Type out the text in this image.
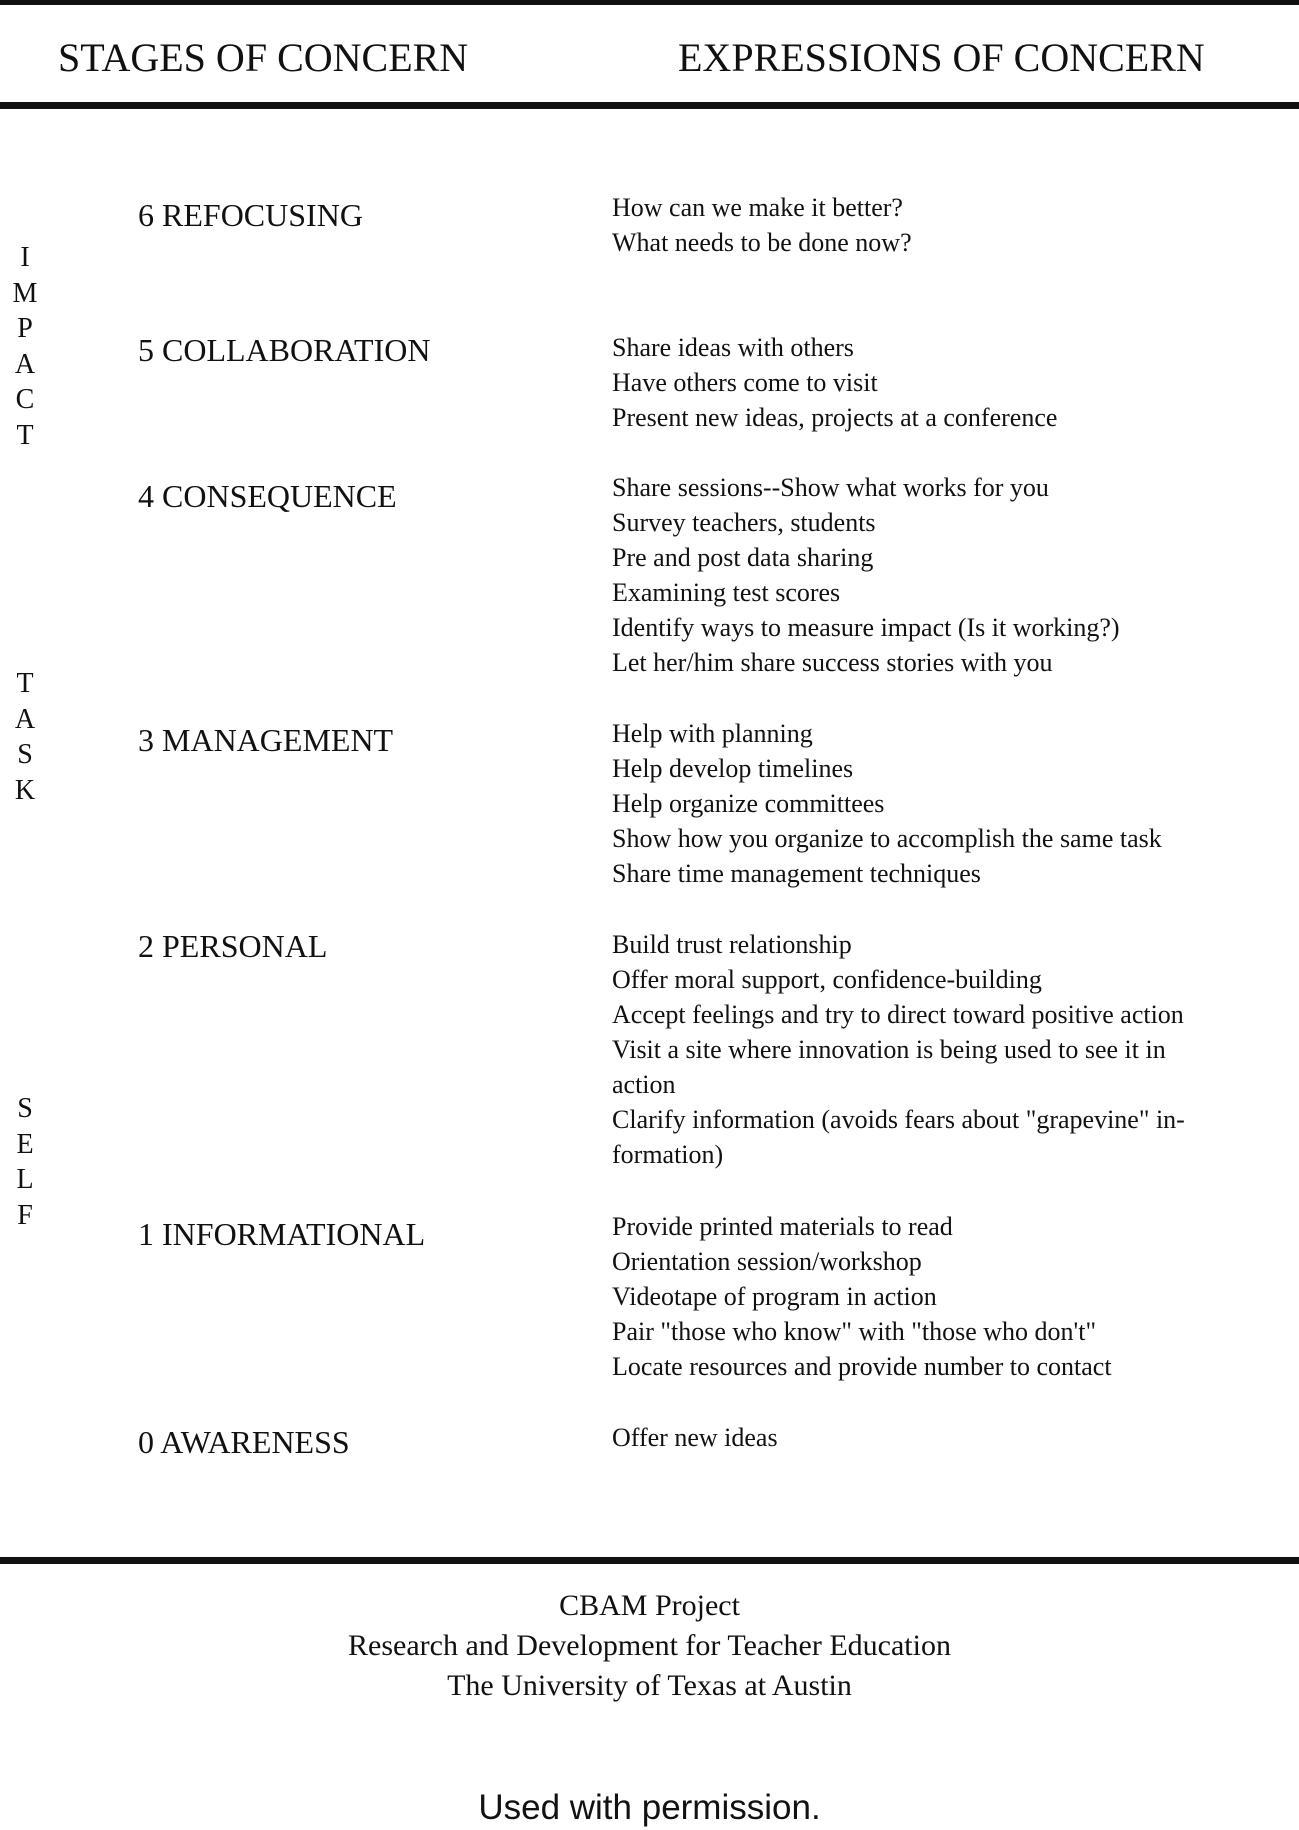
STAGES OF CONCERN	EXPRESSIONS OF CONCERN
I
M
P
A
C
T
T
A
S
K
S
E
L
F
6 REFOCUSING	How can we make it better?
What needs to be done now?
5 COLLABORATION	Share ideas with others
Have others come to visit
Present new ideas, projects at a conference
4 CONSEQUENCE	Share sessions--Show what works for you
Survey teachers, students
Pre and post data sharing
Examining test scores
Identify ways to measure impact (Is it working?)
Let her/him share success stories with you
3 MANAGEMENT	Help with planning
Help develop timelines
Help organize committees
Show how you organize to accomplish the same task
Share time management techniques
2 PERSONAL	Build trust relationship
Offer moral support, confidence-building
Accept feelings and try to direct toward positive action
Visit a site where innovation is being used to see it in
action
Clarify information (avoids fears about "grapevine" in-
formation)
1 INFORMATIONAL	Provide printed materials to read
Orientation session/workshop
Videotape of program in action
Pair "those who know" with "those who don't"
Locate resources and provide number to contact
0 AWARENESS	Offer new ideas
CBAM Project
Research and Development for Teacher Education
The University of Texas at Austin
Used with permission.
